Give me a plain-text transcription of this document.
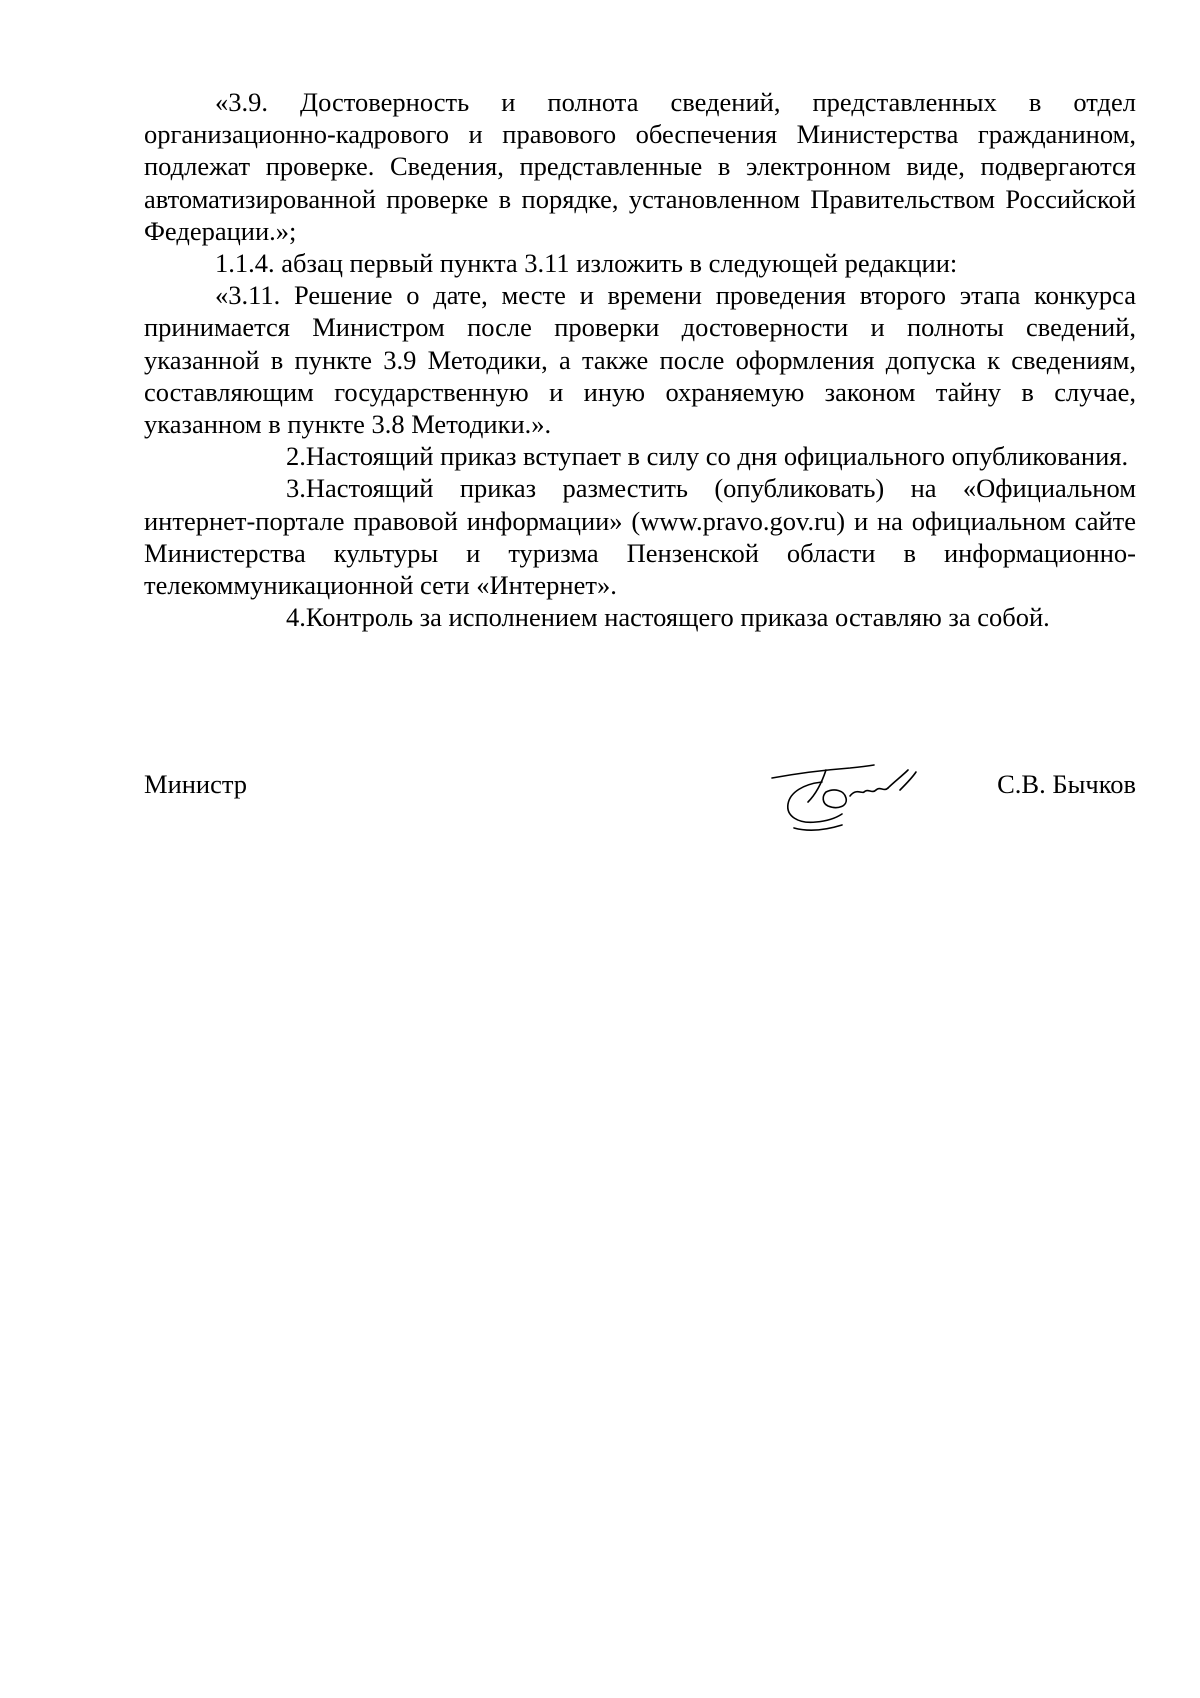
«3.9. Достоверность и полнота сведений, представленных в отдел организационно-кадрового и правового обеспечения Министерства гражданином, подлежат проверке. Сведения, представленные в электронном виде, подвергаются автоматизированной проверке в порядке, установленном Правительством Российской Федерации.»;

1.1.4. абзац первый пункта 3.11 изложить в следующей редакции:

«3.11. Решение о дате, месте и времени проведения второго этапа конкурса принимается Министром после проверки достоверности и полноты сведений, указанной в пункте 3.9 Методики, а также после оформления допуска к сведениям, составляющим государственную и иную охраняемую законом тайну в случае, указанном в пункте 3.8 Методики.».

2.Настоящий приказ вступает в силу со дня официального опубликования.

3.Настоящий приказ разместить (опубликовать) на «Официальном интернет-портале правовой информации» (www.pravo.gov.ru) и на официальном сайте Министерства культуры и туризма Пензенской области в информационно-телекоммуникационной сети «Интернет».

4.Контроль за исполнением настоящего приказа оставляю за собой.

Министр	С.В. Бычков
